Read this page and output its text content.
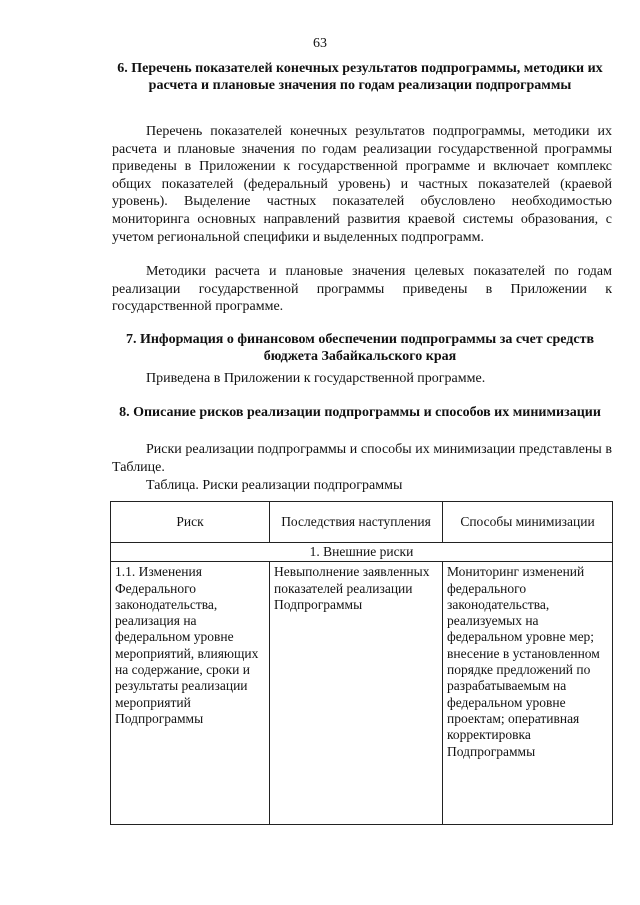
63
6. Перечень показателей конечных результатов подпрограммы, методики их расчета и плановые значения по годам реализации подпрограммы

Перечень показателей конечных результатов подпрограммы, методики их расчета и плановые значения по годам реализации государственной программы приведены в Приложении к государственной программе и включает комплекс общих показателей (федеральный уровень) и частных показателей (краевой уровень). Выделение частных показателей обусловлено необходимостью мониторинга основных направлений развития краевой системы образования, с учетом региональной специфики и выделенных подпрограмм.

Методики расчета и плановые значения целевых показателей по годам реализации государственной программы приведены в Приложении к государственной программе.

7. Информация о финансовом обеспечении подпрограммы за счет средств бюджета Забайкальского края

Приведена в Приложении к государственной программе.

8. Описание рисков реализации подпрограммы и способов их минимизации

Риски реализации подпрограммы и способы их минимизации представлены в Таблице.

Таблица. Риски реализации подпрограммы

Риск	Последствия наступления	Способы минимизации
1. Внешние риски		
1.1. Изменения Федерального законодательства, реализация на федеральном уровне мероприятий, влияющих на содержание, сроки и результаты реализации мероприятий Подпрограммы	Невыполнение заявленных показателей реализации Подпрограммы	Мониторинг изменений федерального законодательства, реализуемых на федеральном уровне мер; внесение в установленном порядке предложений по разрабатываемым на федеральном уровне проектам; оперативная корректировка Подпрограммы
